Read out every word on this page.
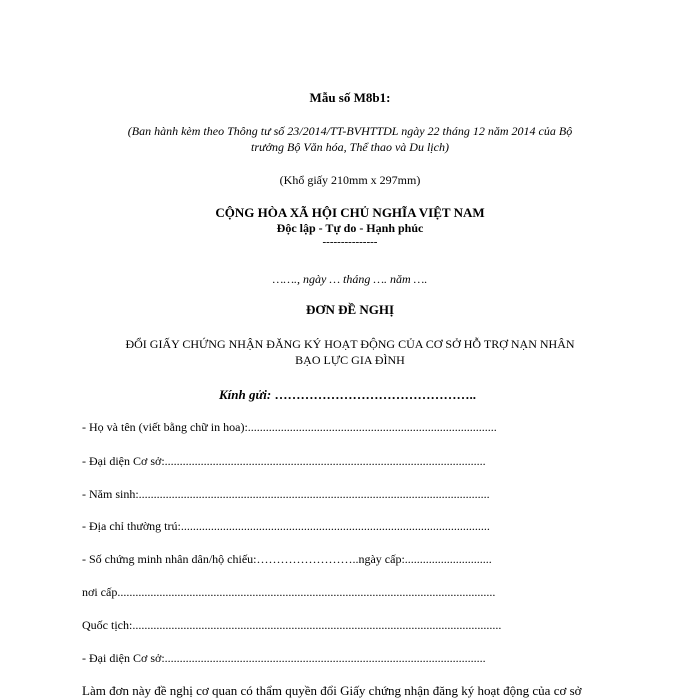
Mẫu số M8b1:
(Ban hành kèm theo Thông tư số 23/2014/TT-BVHTTDL ngày 22 tháng 12 năm 2014 của Bộ
trưởng Bộ Văn hóa, Thể thao và Du lịch)
(Khổ giấy 210mm x 297mm)
CỘNG HÒA XÃ HỘI CHỦ NGHĨA VIỆT NAM
Độc lập - Tự do - Hạnh phúc
---------------
……., ngày … tháng …. năm ….
ĐƠN ĐỀ NGHỊ
ĐỔI GIẤY CHỨNG NHẬN ĐĂNG KÝ HOẠT ĐỘNG CỦA CƠ SỞ HỖ TRỢ NẠN NHÂN
BẠO LỰC GIA ĐÌNH
Kính gửi: ………………………………………..
- Họ và tên (viết bằng chữ in hoa):...................................................................................
- Đại diện Cơ sở:...........................................................................................................
- Năm sinh:.....................................................................................................................
- Địa chỉ thường trú:.......................................................................................................
- Số chứng minh nhân dân/hộ chiếu:……………………..ngày cấp:.............................
nơi cấp..............................................................................................................................
Quốc tịch:...........................................................................................................................
- Đại diện Cơ sở:...........................................................................................................
Làm đơn này đề nghị cơ quan có thẩm quyền đổi Giấy chứng nhận đăng ký hoạt động của cơ sở
